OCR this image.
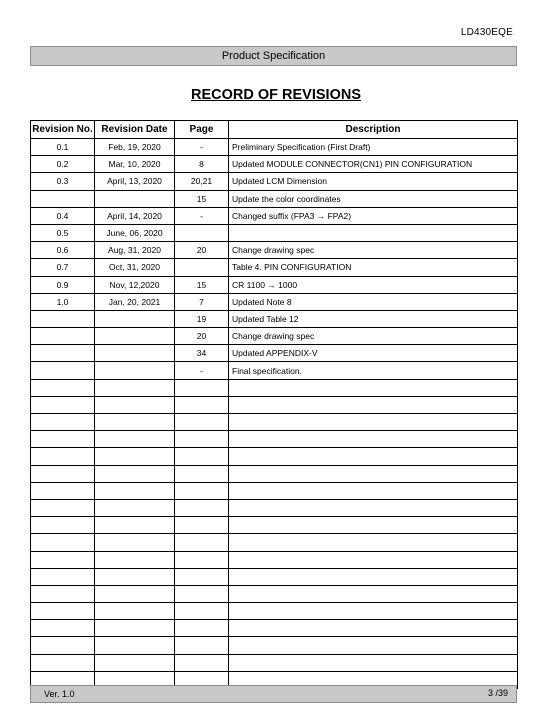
LD430EQE
Product Specification
RECORD OF REVISIONS
Revision No.	Revision Date	Page	Description
0.1	Feb, 19, 2020	-	Preliminary Specification (First Draft)
0.2	Mar, 10, 2020	8	Updated MODULE CONNECTOR(CN1) PIN CONFIGURATION
0.3	April, 13, 2020	20,21	Updated LCM Dimension
		15	Update the color coordinates
0.4	April, 14, 2020	-	Changed suffix (FPA3 → FPA2)
0.5	June, 06, 2020		
0.6	Aug, 31, 2020	20	Change drawing spec
0.7	Oct, 31, 2020		Table 4. PIN CONFIGURATION
0.9	Nov, 12,2020	15	CR 1100 → 1000
1.0	Jan, 20, 2021	7	Updated Note 8
		19	Updated Table 12
		20	Change drawing spec
		34	Updated APPENDIX-V
		-	Final specification.

Ver. 1.0	3 /39
